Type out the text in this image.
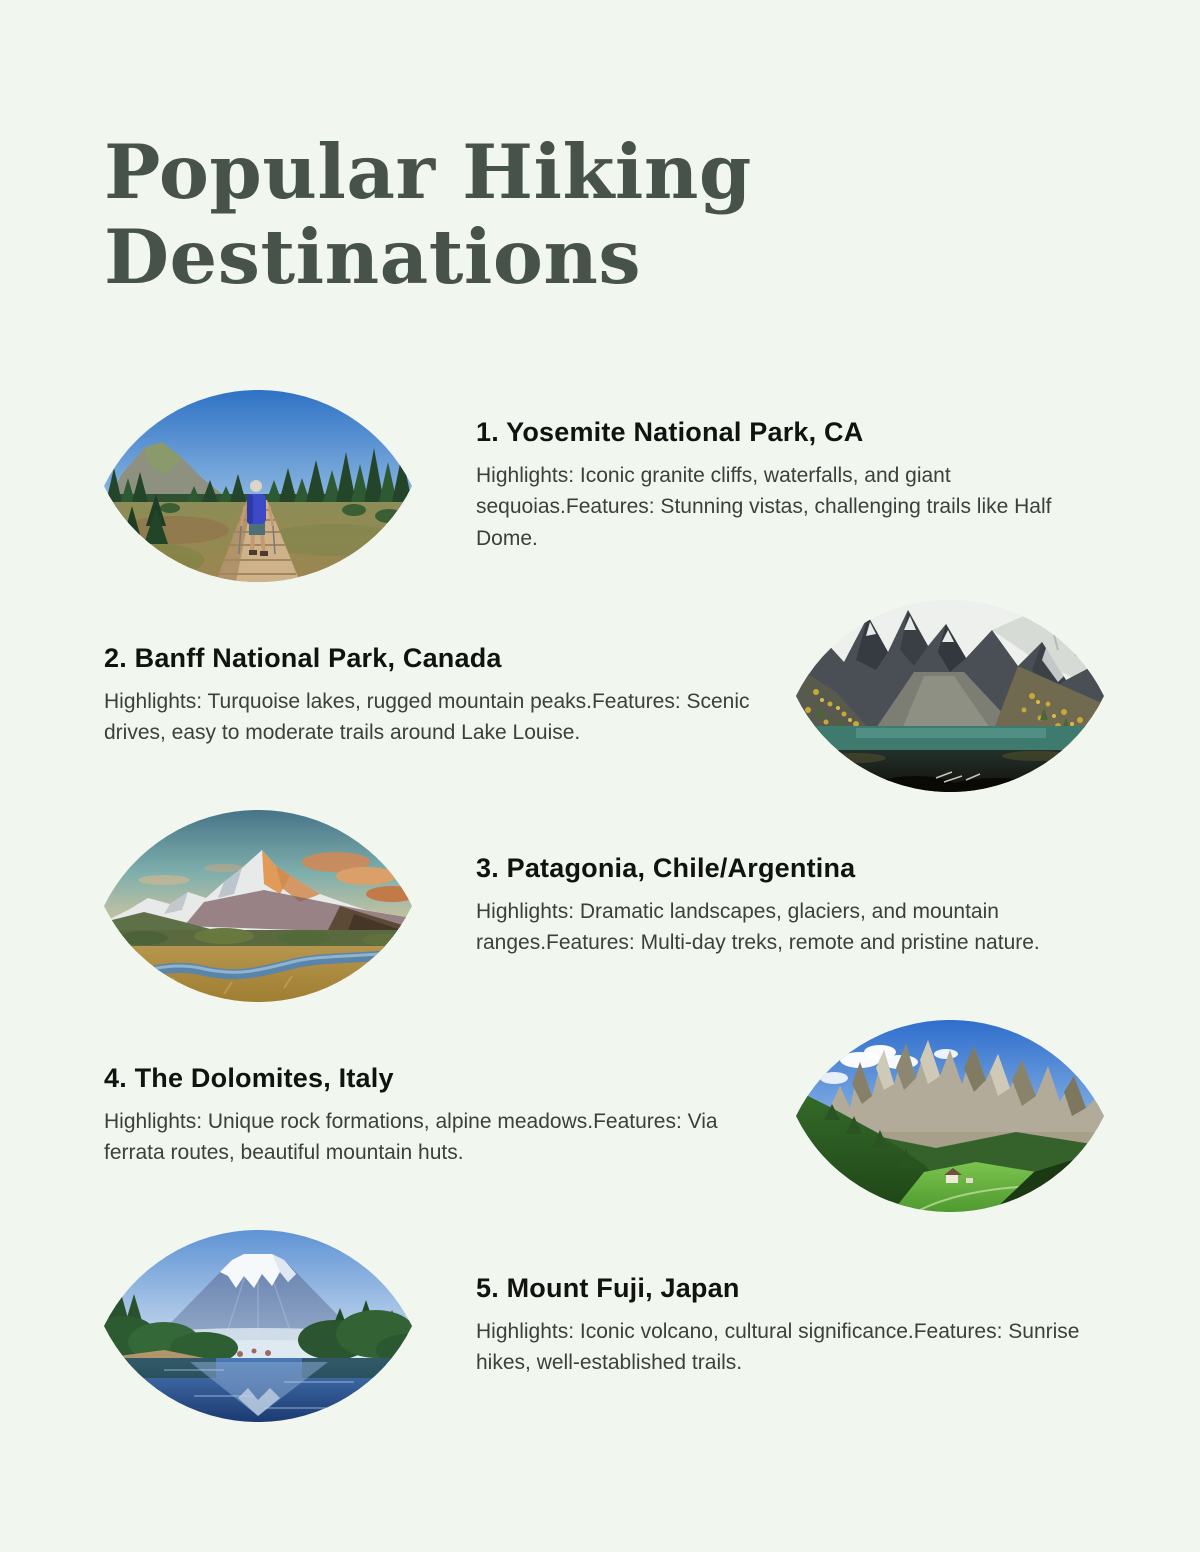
Popular Hiking Destinations
1. Yosemite National Park, CA

Highlights: Iconic granite cliffs, waterfalls, and giant sequoias.Features: Stunning vistas, challenging trails like Half Dome.

2. Banff National Park, Canada

Highlights: Turquoise lakes, rugged mountain peaks.Features: Scenic drives, easy to moderate trails around Lake Louise.

3. Patagonia, Chile/Argentina

Highlights: Dramatic landscapes, glaciers, and mountain ranges.Features: Multi-day treks, remote and pristine nature.

4. The Dolomites, Italy

Highlights: Unique rock formations, alpine meadows.Features: Via ferrata routes, beautiful mountain huts.

5. Mount Fuji, Japan

Highlights: Iconic volcano, cultural significance.Features: Sunrise hikes, well-established trails.
